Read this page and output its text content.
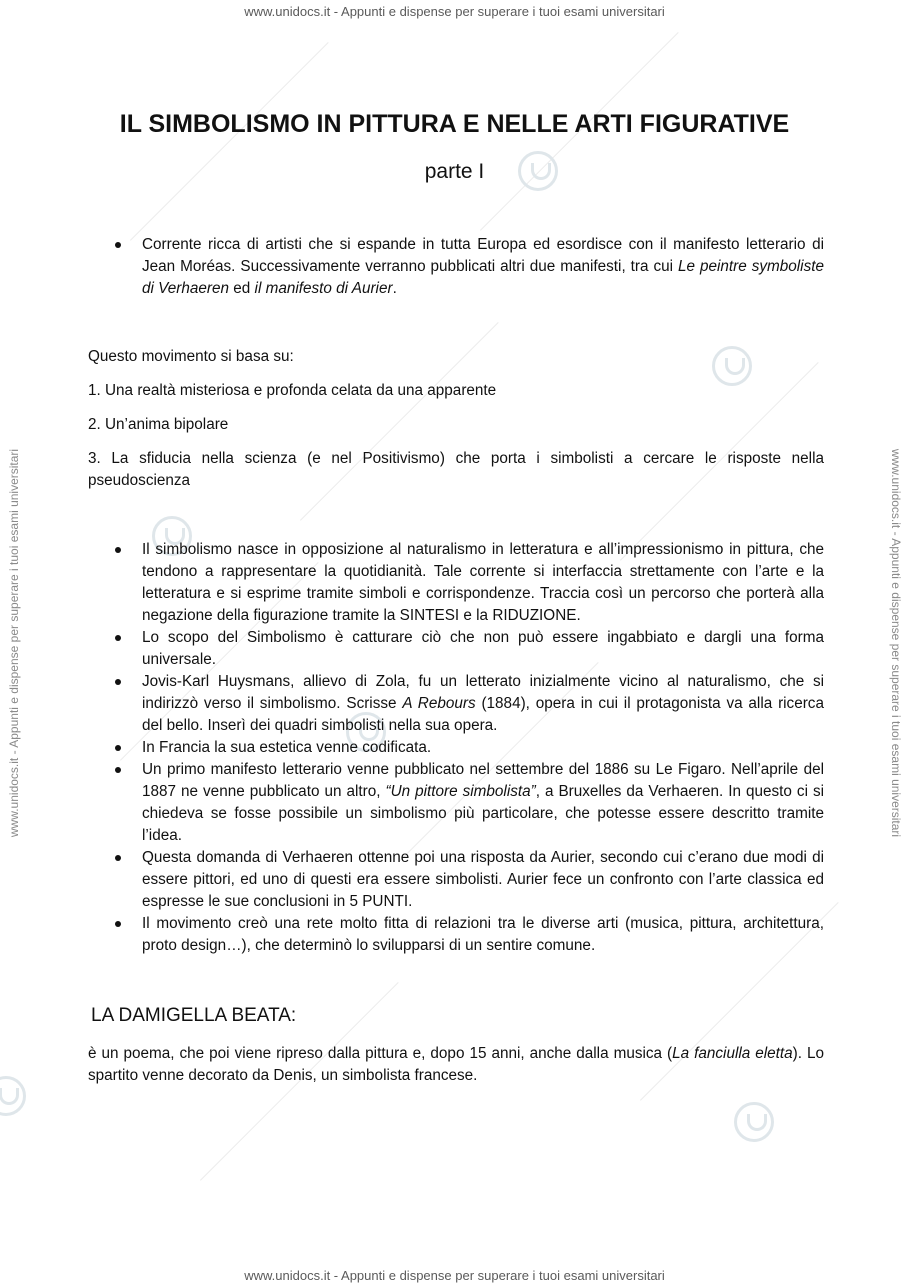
www.unidocs.it - Appunti e dispense per superare i tuoi esami universitari
www.unidocs.it - Appunti e dispense per superare i tuoi esami universitari	www.unidocs.it - Appunti e dispense per superare i tuoi esami universitari
IL SIMBOLISMO IN PITTURA E NELLE ARTI FIGURATIVE
parte I
Corrente ricca di artisti che si espande in tutta Europa ed esordisce con il manifesto letterario di Jean Moréas. Successivamente verranno pubblicati altri due manifesti, tra cui Le peintre symboliste di Verhaeren ed il manifesto di Aurier.

Questo movimento si basa su:

1. Una realtà misteriosa e profonda celata da una apparente

2. Un’anima bipolare

3. La sfiducia nella scienza (e nel Positivismo) che porta i simbolisti a cercare le risposte nella pseudoscienza

Il simbolismo nasce in opposizione al naturalismo in letteratura e all’impressionismo in pittura, che tendono a rappresentare la quotidianità. Tale corrente si interfaccia strettamente con l’arte e la letteratura e si esprime tramite simboli e corrispondenze. Traccia così un percorso che porterà alla negazione della figurazione tramite la SINTESI e la RIDUZIONE.
Lo scopo del Simbolismo è catturare ciò che non può essere ingabbiato e dargli una forma universale.
Jovis-Karl Huysmans, allievo di Zola, fu un letterato inizialmente vicino al naturalismo, che si indirizzò verso il simbolismo. Scrisse A Rebours (1884), opera in cui il protagonista va alla ricerca del bello. Inserì dei quadri simbolisti nella sua opera.
In Francia la sua estetica venne codificata.
Un primo manifesto letterario venne pubblicato nel settembre del 1886 su Le Figaro. Nell’aprile del 1887 ne venne pubblicato un altro, “Un pittore simbolista”, a Bruxelles da Verhaeren. In questo ci si chiedeva se fosse possibile un simbolismo più particolare, che potesse essere descritto tramite l’idea.
Questa domanda di Verhaeren ottenne poi una risposta da Aurier, secondo cui c’erano due modi di essere pittori, ed uno di questi era essere simbolisti. Aurier fece un confronto con l’arte classica ed espresse le sue conclusioni in 5 PUNTI.
Il movimento creò una rete molto fitta di relazioni tra le diverse arti (musica, pittura, architettura, proto design…), che determinò lo svilupparsi di un sentire comune.
LA DAMIGELLA BEATA:

è un poema, che poi viene ripreso dalla pittura e, dopo 15 anni, anche dalla musica (La fanciulla eletta). Lo spartito venne decorato da Denis, un simbolista francese.

www.unidocs.it - Appunti e dispense per superare i tuoi esami universitari
